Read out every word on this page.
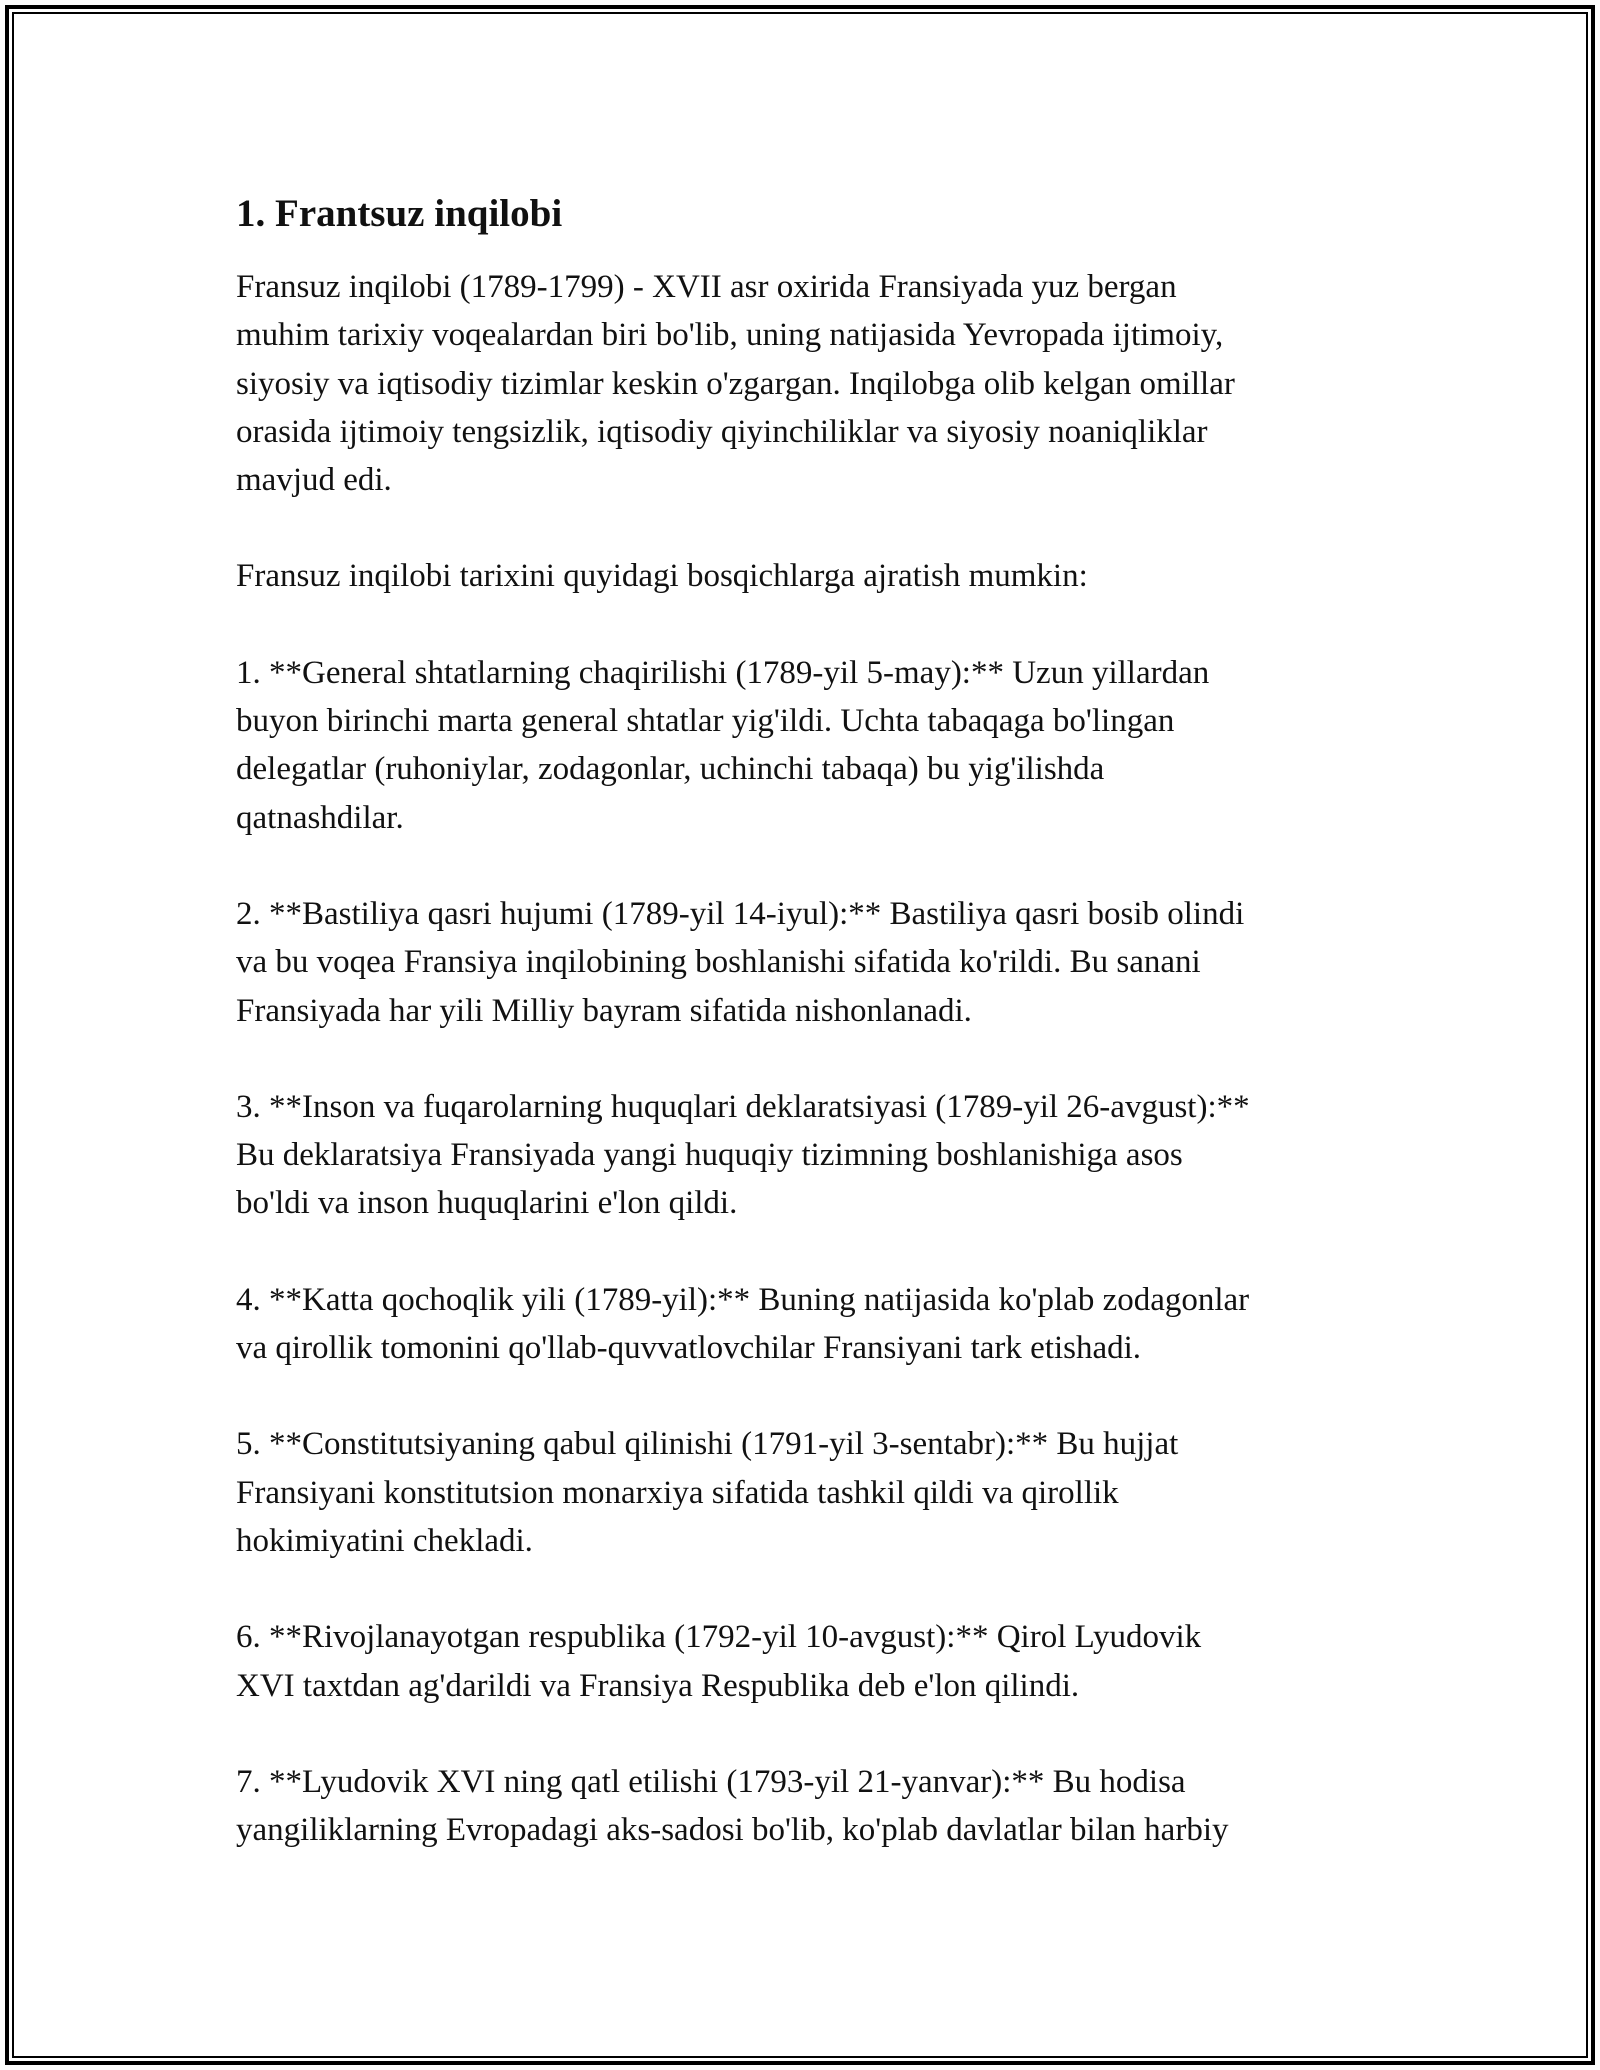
1. Frantsuz inqilobi

Fransuz inqilobi (1789-1799) - XVII asr oxirida Fransiyada yuz bergan
muhim tarixiy voqealardan biri bo'lib, uning natijasida Yevropada ijtimoiy,
siyosiy va iqtisodiy tizimlar keskin o'zgargan. Inqilobga olib kelgan omillar
orasida ijtimoiy tengsizlik, iqtisodiy qiyinchiliklar va siyosiy noaniqliklar
mavjud edi.

Fransuz inqilobi tarixini quyidagi bosqichlarga ajratish mumkin:

1. **General shtatlarning chaqirilishi (1789-yil 5-may):** Uzun yillardan
buyon birinchi marta general shtatlar yig'ildi. Uchta tabaqaga bo'lingan
delegatlar (ruhoniylar, zodagonlar, uchinchi tabaqa) bu yig'ilishda
qatnashdilar.

2. **Bastiliya qasri hujumi (1789-yil 14-iyul):** Bastiliya qasri bosib olindi
va bu voqea Fransiya inqilobining boshlanishi sifatida ko'rildi. Bu sanani
Fransiyada har yili Milliy bayram sifatida nishonlanadi.

3. **Inson va fuqarolarning huquqlari deklaratsiyasi (1789-yil 26-avgust):**
Bu deklaratsiya Fransiyada yangi huquqiy tizimning boshlanishiga asos
bo'ldi va inson huquqlarini e'lon qildi.

4. **Katta qochoqlik yili (1789-yil):** Buning natijasida ko'plab zodagonlar
va qirollik tomonini qo'llab-quvvatlovchilar Fransiyani tark etishadi.

5. **Constitutsiyaning qabul qilinishi (1791-yil 3-sentabr):** Bu hujjat
Fransiyani konstitutsion monarxiya sifatida tashkil qildi va qirollik
hokimiyatini chekladi.

6. **Rivojlanayotgan respublika (1792-yil 10-avgust):** Qirol Lyudovik
XVI taxtdan ag'darildi va Fransiya Respublika deb e'lon qilindi.

7. **Lyudovik XVI ning qatl etilishi (1793-yil 21-yanvar):** Bu hodisa
yangiliklarning Evropadagi aks-sadosi bo'lib, ko'plab davlatlar bilan harbiy
